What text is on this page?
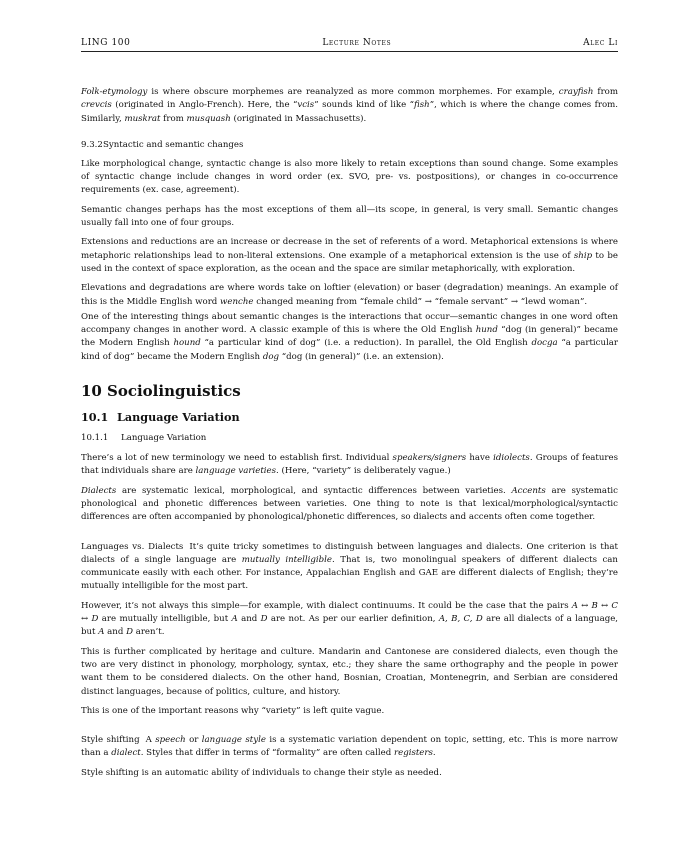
LING 100	Lecture Notes	Alec Li

Folk-etymology is where obscure morphemes are reanalyzed as more common morphemes. For example, crayfish from crevcis (originated in Anglo-French). Here, the “vcis” sounds kind of like “fish”, which is where the change comes from. Similarly, muskrat from musquash (originated in Massachusetts).

9.3.2Syntactic and semantic changes

Like morphological change, syntactic change is also more likely to retain exceptions than sound change. Some examples of syntactic change include changes in word order (ex. SVO, pre- vs. postpositions), or changes in co-occurrence requirements (ex. case, agreement).

Semantic changes perhaps has the most exceptions of them all—its scope, in general, is very small. Semantic changes usually fall into one of four groups.

Extensions and reductions are an increase or decrease in the set of referents of a word. Metaphorical extensions is where metaphoric relationships lead to non-literal extensions. One example of a metaphorical extension is the use of ship to be used in the context of space exploration, as the ocean and the space are similar metaphorically, with exploration.

Elevations and degradations are where words take on loftier (elevation) or baser (degradation) meanings. An example of this is the Middle English word wenche changed meaning from “female child” → “female servant” → “lewd woman”.

One of the interesting things about semantic changes is the interactions that occur—semantic changes in one word often accompany changes in another word. A classic example of this is where the Old English hund “dog (in general)” became the Modern English hound “a particular kind of dog” (i.e. a reduction). In parallel, the Old English docga “a particular kind of dog” became the Modern English dog “dog (in general)” (i.e. an extension).

10 Sociolinguistics
10.1 Language Variation
10.1.1 Language Variation

There’s a lot of new terminology we need to establish first. Individual speakers/signers have idiolects. Groups of features that individuals share are language varieties. (Here, “variety” is deliberately vague.)

Dialects are systematic lexical, morphological, and syntactic differences between varieties. Accents are systematic phonological and phonetic differences between varieties. One thing to note is that lexical/morphological/syntactic differences are often accompanied by phonological/phonetic differences, so dialects and accents often come together.

Languages vs. Dialects It’s quite tricky sometimes to distinguish between languages and dialects. One criterion is that dialects of a single language are mutually intelligible. That is, two monolingual speakers of different dialects can communicate easily with each other. For instance, Appalachian English and GAE are different dialects of English; they’re mutually intelligible for the most part.

However, it’s not always this simple—for example, with dialect continuums. It could be the case that the pairs A ↔ B ↔ C ↔ D are mutually intelligible, but A and D are not. As per our earlier definition, A, B, C, D are all dialects of a language, but A and D aren’t.

This is further complicated by heritage and culture. Mandarin and Cantonese are considered dialects, even though the two are very distinct in phonology, morphology, syntax, etc.; they share the same orthography and the people in power want them to be considered dialects. On the other hand, Bosnian, Croatian, Montenegrin, and Serbian are considered distinct languages, because of politics, culture, and history.

This is one of the important reasons why “variety” is left quite vague.

Style shifting A speech or language style is a systematic variation dependent on topic, setting, etc. This is more narrow than a dialect. Styles that differ in terms of “formality” are often called registers.

Style shifting is an automatic ability of individuals to change their style as needed.
